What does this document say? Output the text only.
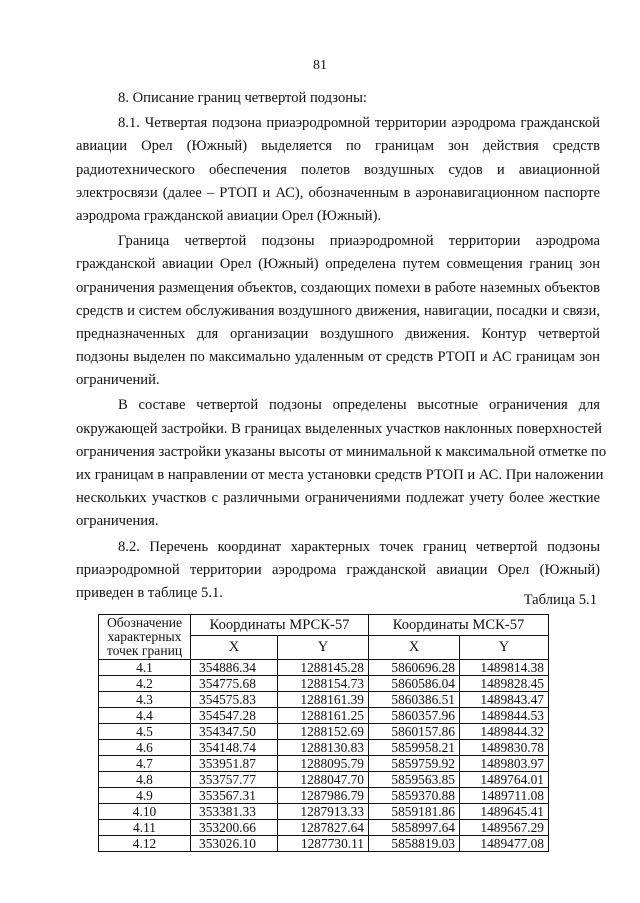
81
8. Описание границ четвертой подзоны:
8.1. Четвертая подзона приаэродромной территории аэродрома гражданской
авиации Орел (Южный) выделяется по границам зон действия средств
радиотехнического обеспечения полетов воздушных судов и авиационной
электросвязи (далее – РТОП и АС), обозначенным в аэронавигационном паспорте
аэродрома гражданской авиации Орел (Южный).
Граница четвертой подзоны приаэродромной территории аэродрома
гражданской авиации Орел (Южный) определена путем совмещения границ зон
ограничения размещения объектов, создающих помехи в работе наземных объектов
средств и систем обслуживания воздушного движения, навигации, посадки и связи,
предназначенных для организации воздушного движения. Контур четвертой
подзоны выделен по максимально удаленным от средств РТОП и АС границам зон
ограничений.
В составе четвертой подзоны определены высотные ограничения для
окружающей застройки. В границах выделенных участков наклонных поверхностей
ограничения застройки указаны высоты от минимальной к максимальной отметке по
их границам в направлении от места установки средств РТОП и АС. При наложении
нескольких участков с различными ограничениями подлежат учету более жесткие
ограничения.
8.2. Перечень координат характерных точек границ четвертой подзоны
приаэродромной территории аэродрома гражданской авиации Орел (Южный)
приведен в таблице 5.1.	Таблица 5.1
Обозначение характерных точек границ	Координаты МРСК-57		Координаты МСК-57	
	X	Y	X	Y
4.1	354886.34	1288145.28	5860696.28	1489814.38
4.2	354775.68	1288154.73	5860586.04	1489828.45
4.3	354575.83	1288161.39	5860386.51	1489843.47
4.4	354547.28	1288161.25	5860357.96	1489844.53
4.5	354347.50	1288152.69	5860157.86	1489844.32
4.6	354148.74	1288130.83	5859958.21	1489830.78
4.7	353951.87	1288095.79	5859759.92	1489803.97
4.8	353757.77	1288047.70	5859563.85	1489764.01
4.9	353567.31	1287986.79	5859370.88	1489711.08
4.10	353381.33	1287913.33	5859181.86	1489645.41
4.11	353200.66	1287827.64	5858997.64	1489567.29
4.12	353026.10	1287730.11	5858819.03	1489477.08
